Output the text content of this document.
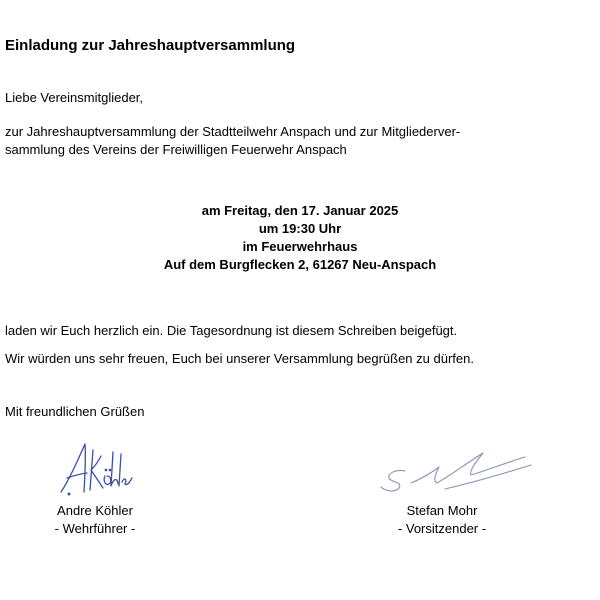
Einladung zur Jahreshauptversammlung

Liebe Vereinsmitglieder,

zur Jahreshauptversammlung der Stadtteilwehr Anspach und zur Mitgliederver-

sammlung des Vereins der Freiwilligen Feuerwehr Anspach

am Freitag, den 17. Januar 2025
um 19:30 Uhr
im Feuerwehrhaus
Auf dem Burgflecken 2, 61267 Neu-Anspach

laden wir Euch herzlich ein. Die Tagesordnung ist diesem Schreiben beigefügt.

Wir würden uns sehr freuen, Euch bei unserer Versammlung begrüßen zu dürfen.

Mit freundlichen Grüßen

Andre Köhler
- Wehrführer -
Stefan Mohr
- Vorsitzender -
